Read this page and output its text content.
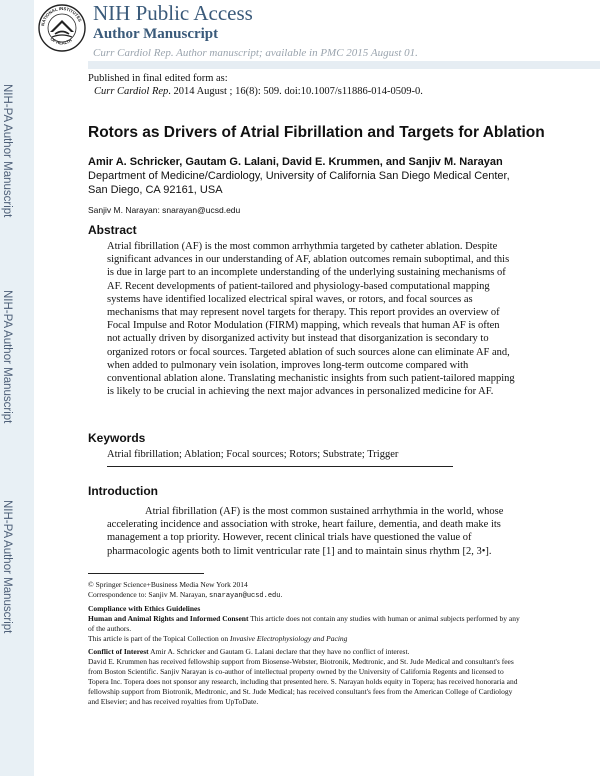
NIH-PA Author Manuscript
NIH-PA Author Manuscript
NIH-PA Author Manuscript
NATIONAL INSTITUTES
OF HEALTH
NIH Public Access
Author Manuscript
Curr Cardiol Rep. Author manuscript; available in PMC 2015 August 01.
Published in final edited form as:
Curr Cardiol Rep. 2014 August ; 16(8): 509. doi:10.1007/s11886-014-0509-0.
Rotors as Drivers of Atrial Fibrillation and Targets for Ablation
Amir A. Schricker, Gautam G. Lalani, David E. Krummen, and Sanjiv M. Narayan
Department of Medicine/Cardiology, University of California San Diego Medical Center, San Diego, CA 92161, USA
Sanjiv M. Narayan: snarayan@ucsd.edu
Abstract
Atrial fibrillation (AF) is the most common arrhythmia targeted by catheter ablation. Despite significant advances in our understanding of AF, ablation outcomes remain suboptimal, and this is due in large part to an incomplete understanding of the underlying sustaining mechanisms of AF. Recent developments of patient-tailored and physiology-based computational mapping systems have identified localized electrical spiral waves, or rotors, and focal sources as mechanisms that may represent novel targets for therapy. This report provides an overview of Focal Impulse and Rotor Modulation (FIRM) mapping, which reveals that human AF is often not actually driven by disorganized activity but instead that disorganization is secondary to organized rotors or focal sources. Targeted ablation of such sources alone can eliminate AF and, when added to pulmonary vein isolation, improves long-term outcome compared with conventional ablation alone. Translating mechanistic insights from such patient-tailored mapping is likely to be crucial in achieving the next major advances in personalized medicine for AF.
Keywords
Atrial fibrillation; Ablation; Focal sources; Rotors; Substrate; Trigger
Introduction
Atrial fibrillation (AF) is the most common sustained arrhythmia in the world, whose accelerating incidence and association with stroke, heart failure, dementia, and death make its management a top priority. However, recent clinical trials have questioned the value of pharmacologic agents both to limit ventricular rate [1] and to maintain sinus rhythm [2, 3•].

© Springer Science+Business Media New York 2014

Correspondence to: Sanjiv M. Narayan, snarayan@ucsd.edu.

Compliance with Ethics Guidelines

Human and Animal Rights and Informed Consent This article does not contain any studies with human or animal subjects performed by any of the authors.

This article is part of the Topical Collection on Invasive Electrophysiology and Pacing

Conflict of Interest Amir A. Schricker and Gautam G. Lalani declare that they have no conflict of interest.

David E. Krummen has received fellowship support from Biosense-Webster, Biotronik, Medtronic, and St. Jude Medical and consultant's fees from Boston Scientific. Sanjiv Narayan is co-author of intellectual property owned by the University of California Regents and licensed to Topera Inc. Topera does not sponsor any research, including that presented here. S. Narayan holds equity in Topera; has received honoraria and fellowship support from Biotronik, Medtronic, and St. Jude Medical; has received consultant's fees from the American College of Cardiology and Elsevier; and has received royalties from UpToDate.
